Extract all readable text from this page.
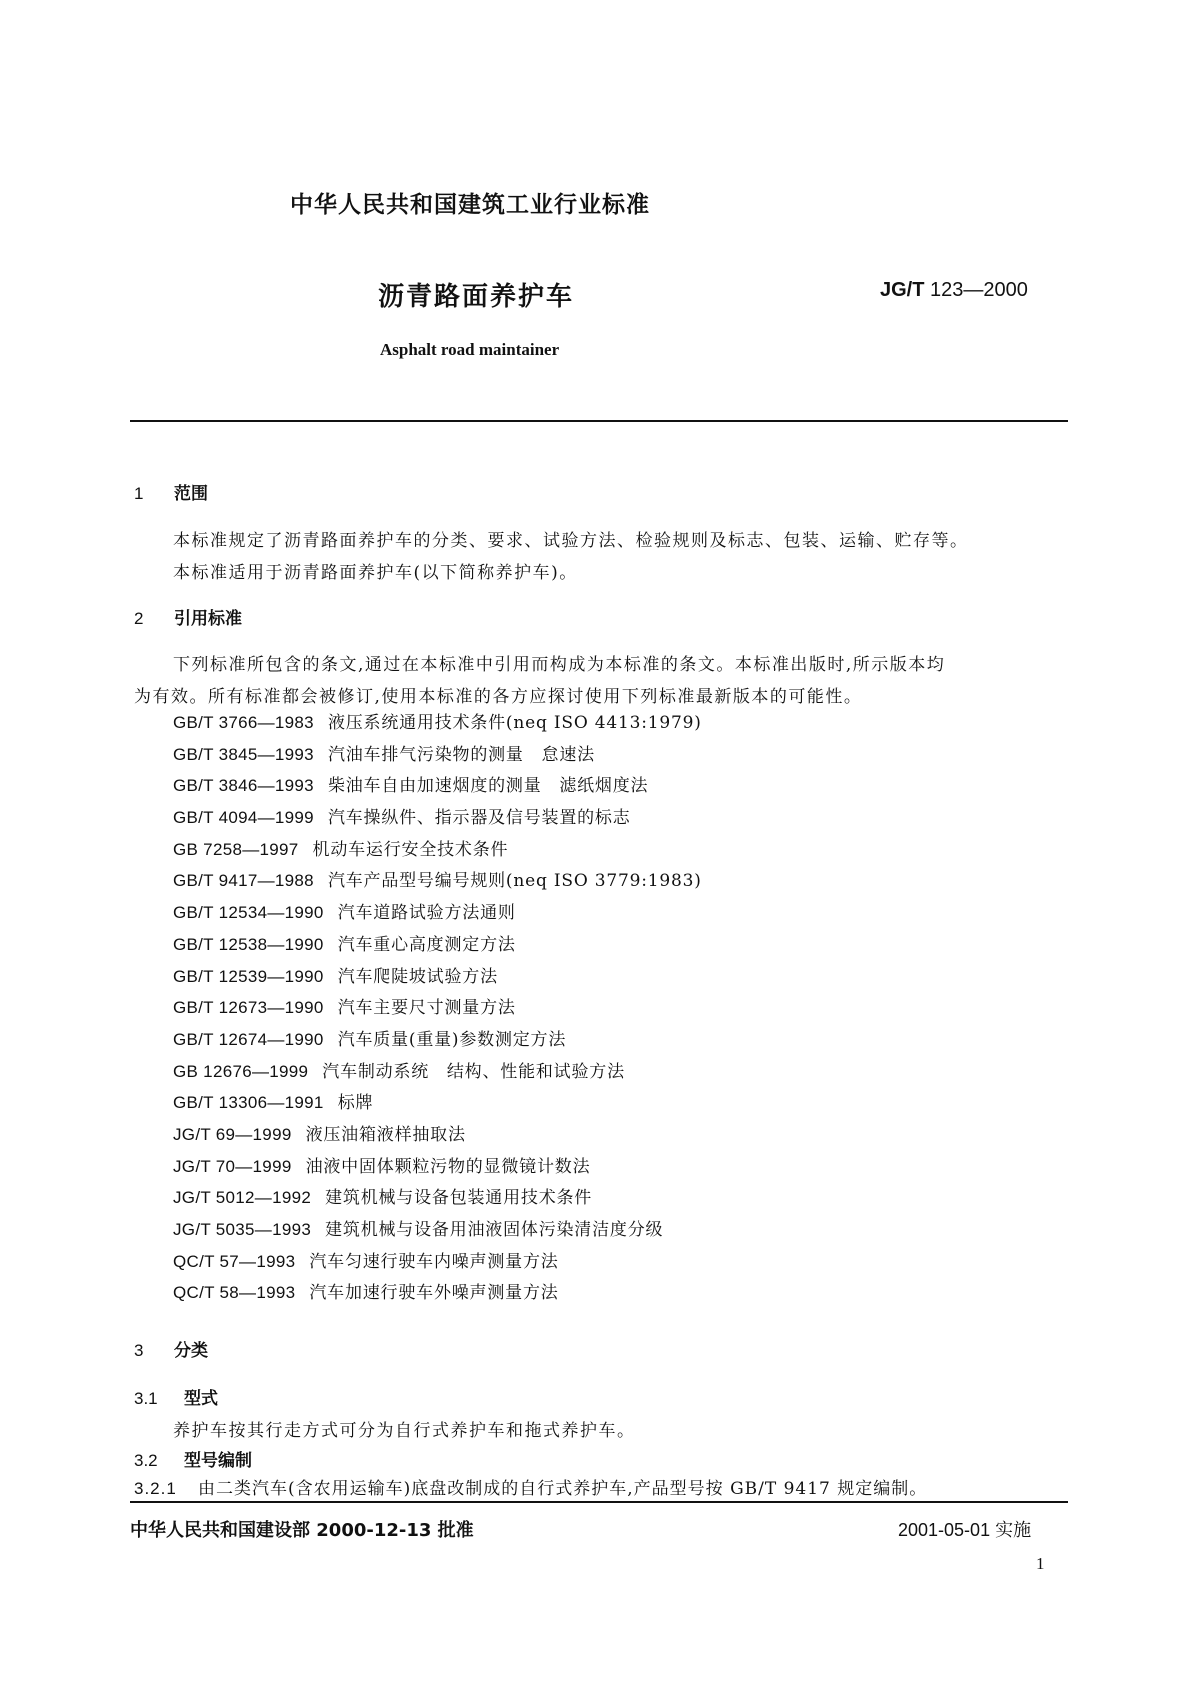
中华人民共和国建筑工业行业标准
沥青路面养护车	JG/T 123—2000
Asphalt road maintainer
1 范围
本标准规定了沥青路面养护车的分类、要求、试验方法、检验规则及标志、包装、运输、贮存等。
本标准适用于沥青路面养护车(以下简称养护车)。
2 引用标准
下列标准所包含的条文,通过在本标准中引用而构成为本标准的条文。本标准出版时,所示版本均
为有效。所有标准都会被修订,使用本标准的各方应探讨使用下列标准最新版本的可能性。
GB/T 3766—1983 液压系统通用技术条件(neq ISO 4413:1979)
GB/T 3845—1993 汽油车排气污染物的测量　怠速法
GB/T 3846—1993 柴油车自由加速烟度的测量　滤纸烟度法
GB/T 4094—1999 汽车操纵件、指示器及信号装置的标志
GB 7258—1997 机动车运行安全技术条件
GB/T 9417—1988 汽车产品型号编号规则(neq ISO 3779:1983)
GB/T 12534—1990 汽车道路试验方法通则
GB/T 12538—1990 汽车重心高度测定方法
GB/T 12539—1990 汽车爬陡坡试验方法
GB/T 12673—1990 汽车主要尺寸测量方法
GB/T 12674—1990 汽车质量(重量)参数测定方法
GB 12676—1999 汽车制动系统　结构、性能和试验方法
GB/T 13306—1991 标牌
JG/T 69—1999 液压油箱液样抽取法
JG/T 70—1999 油液中固体颗粒污物的显微镜计数法
JG/T 5012—1992 建筑机械与设备包装通用技术条件
JG/T 5035—1993 建筑机械与设备用油液固体污染清洁度分级
QC/T 57—1993 汽车匀速行驶车内噪声测量方法
QC/T 58—1993 汽车加速行驶车外噪声测量方法
3 分类
3.1 型式
养护车按其行走方式可分为自行式养护车和拖式养护车。
3.2 型号编制
3.2.1 由二类汽车(含农用运输车)底盘改制成的自行式养护车,产品型号按 GB/T 9417 规定编制。
中华人民共和国建设部 2000-12-13 批准	2001-05-01 实施
1
